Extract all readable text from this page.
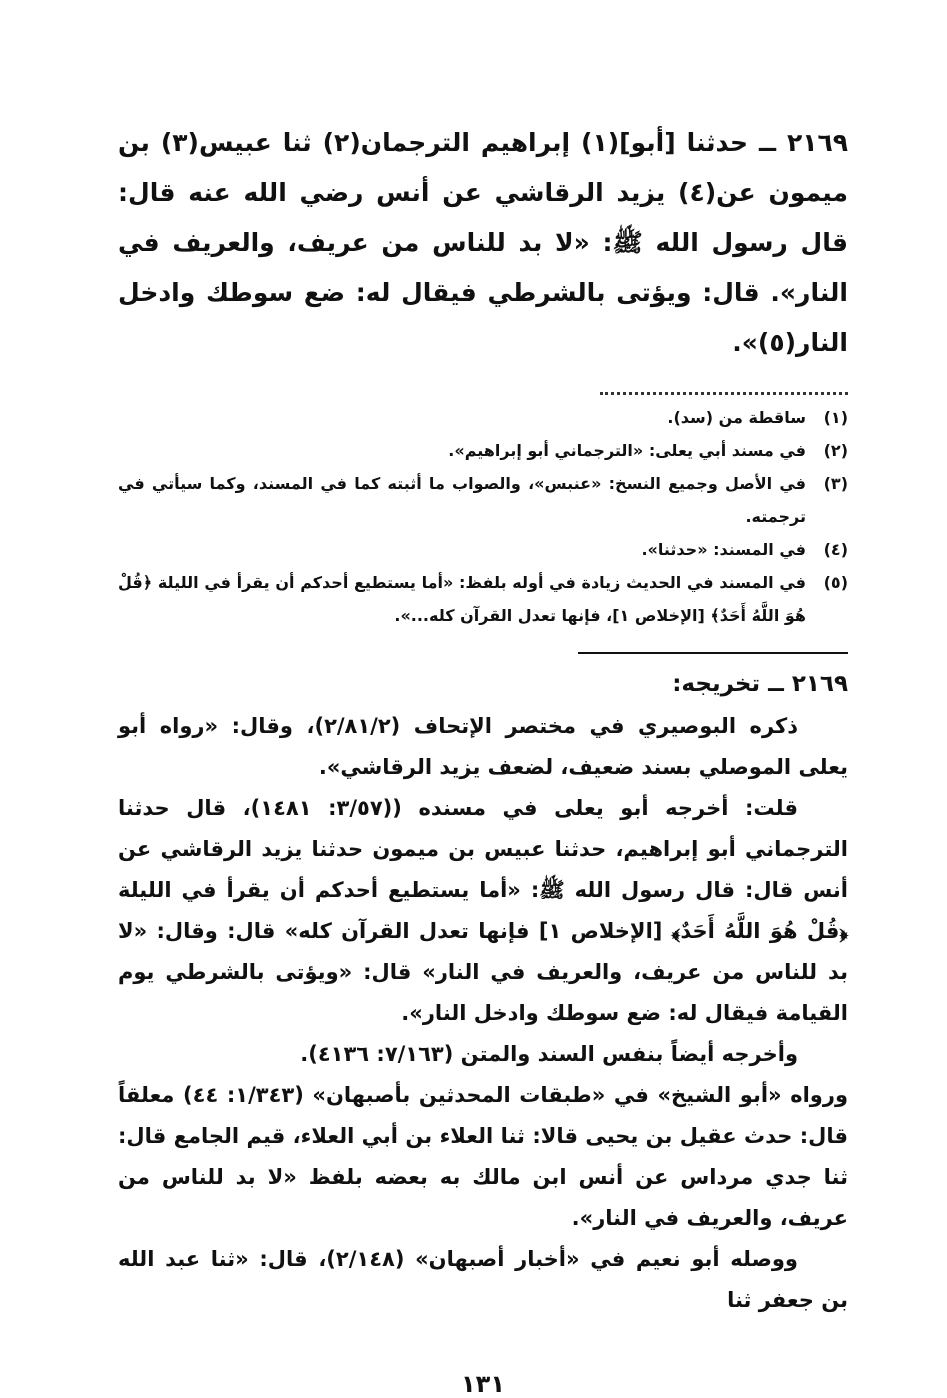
٢١٦٩ ــ حدثنا [أبو](١) إبراهيم الترجمان(٢) ثنا عبيس(٣) بن ميمون عن(٤) يزيد الرقاشي عن أنس رضي الله عنه قال: قال رسول الله ﷺ: «لا بد للناس من عريف، والعريف في النار». قال: ويؤتى بالشرطي فيقال له: ضع سوطك وادخل النار(٥)».

(١)
ساقطة من (سد).
(٢)
في مسند أبي يعلى: «الترجماني أبو إبراهيم».
(٣)
في الأصل وجميع النسخ: «عنبس»، والصواب ما أثبته كما في المسند، وكما سيأتي في ترجمته.
(٤)
في المسند: «حدثنا».
(٥)
في المسند في الحديث زيادة في أوله بلفظ: «أما يستطيع أحدكم أن يقرأ في الليلة ﴿قُلْ هُوَ اللَّهُ أَحَدٌ﴾ [الإخلاص ١]، فإنها تعدل القرآن كله...».
٢١٦٩ ــ تخريجه:

ذكره البوصيري في مختصر الإتحاف (٢/٨١/٢)، وقال: «رواه أبو يعلى الموصلي بسند ضعيف، لضعف يزيد الرقاشي».

قلت: أخرجه أبو يعلى في مسنده ((٣/٥٧: ١٤٨١)، قال حدثنا الترجماني أبو إبراهيم، حدثنا عبيس بن ميمون حدثنا يزيد الرقاشي عن أنس قال: قال رسول الله ﷺ: «أما يستطيع أحدكم أن يقرأ في الليلة ﴿قُلْ هُوَ اللَّهُ أَحَدٌ﴾ [الإخلاص ١] فإنها تعدل القرآن كله» قال: وقال: «لا بد للناس من عريف، والعريف في النار» قال: «ويؤتى بالشرطي يوم القيامة فيقال له: ضع سوطك وادخل النار».

وأخرجه أيضاً بنفس السند والمتن (٧/١٦٣: ٤١٣٦).

ورواه «أبو الشيخ» في «طبقات المحدثين بأصبهان» (١/٣٤٣: ٤٤) معلقاً قال: حدث عقيل بن يحيى قالا: ثنا العلاء بن أبي العلاء، قيم الجامع قال: ثنا جدي مرداس عن أنس ابن مالك به بعضه بلفظ «لا بد للناس من عريف، والعريف في النار».

ووصله أبو نعيم في «أخبار أصبهان» (٢/١٤٨)، قال: «ثنا عبد الله بن جعفر ثنا

١٣١
